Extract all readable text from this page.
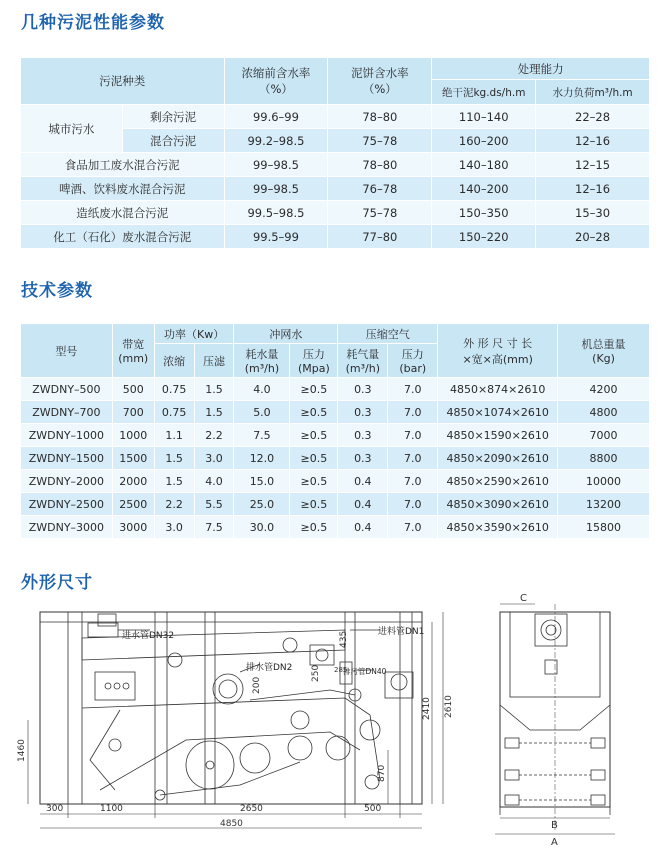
几种污泥性能参数
污泥种类		浓缩前含水率（%）	泥饼含水率（%）	处理能力	
				绝干泥kg.ds/h.m	水力负荷m³/h.m
城市污水	剩余污泥	99.6–99	78–80	110–140	22–28
	混合污泥	99.2–98.5	75–78	160–200	12–16
食品加工废水混合污泥		99–98.5	78–80	140–180	12–15
啤酒、饮料废水混合污泥		99–98.5	76–78	140–200	12–16
造纸废水混合污泥		99.5–98.5	75–78	150–350	15–30
化工（石化）废水混合污泥		99.5–99	77–80	150–220	20–28
技术参数
型号	带宽(mm)	功率（Kw）		冲网水		压缩空气		外 形 尺 寸 长×宽×高(mm)	机总重量(Kg)
		浓缩	压滤	耗水量(m³/h)	压力(Mpa)	耗气量(m³/h)	压力(bar)		
ZWDNY–500	500	0.75	1.5	4.0	≥0.5	0.3	7.0	4850×874×2610	4200
ZWDNY–700	700	0.75	1.5	5.0	≥0.5	0.3	7.0	4850×1074×2610	4800
ZWDNY–1000	1000	1.1	2.2	7.5	≥0.5	0.3	7.0	4850×1590×2610	7000
ZWDNY–1500	1500	1.5	3.0	12.0	≥0.5	0.3	7.0	4850×2090×2610	8800
ZWDNY–2000	2000	1.5	4.0	15.0	≥0.5	0.4	7.0	4850×2590×2610	10000
ZWDNY–2500	2500	2.2	5.5	25.0	≥0.5	0.4	7.0	4850×3090×2610	13200
ZWDNY–3000	3000	3.0	7.5	30.0	≥0.5	0.4	7.0	4850×3590×2610	15800
外形尺寸
进水管DN32
排水管DN2
进料管DN1
排污管DN40
300	1100	2650	500
4850
1460
870
2410 2610
435
250
200
285
C
B
A
